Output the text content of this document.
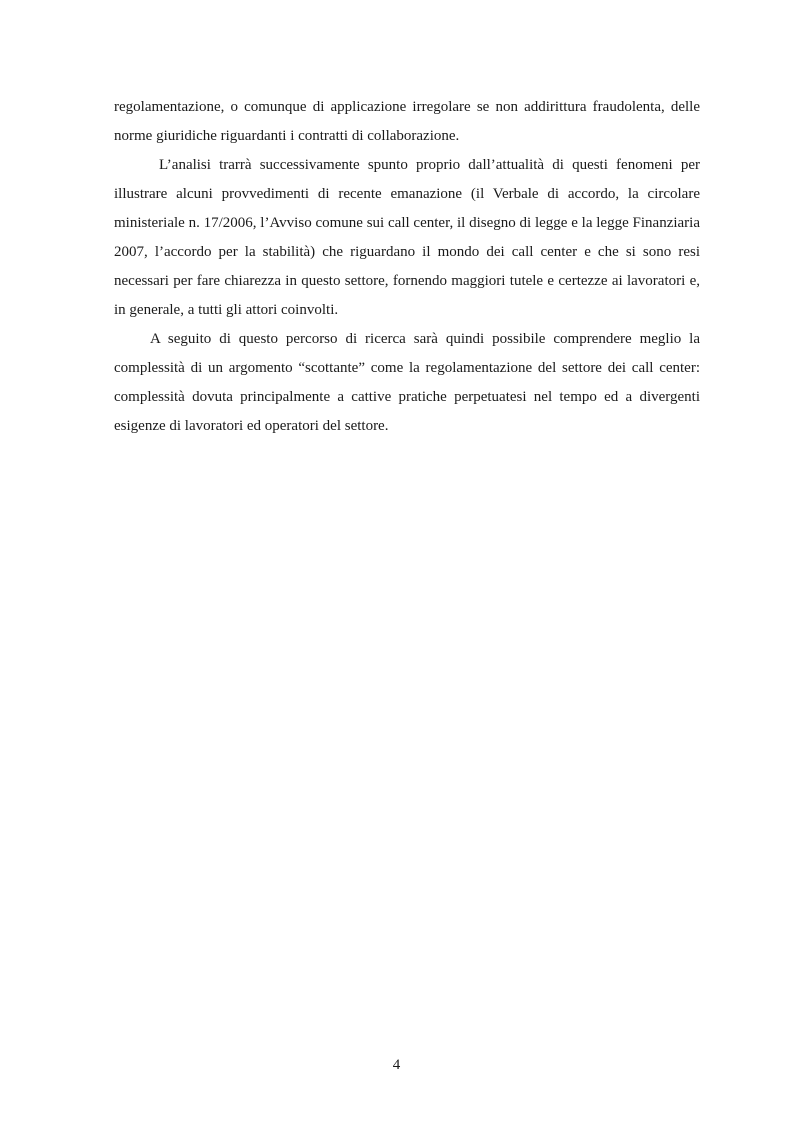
regolamentazione, o comunque di applicazione irregolare se non addirittura fraudolenta, delle norme giuridiche riguardanti i contratti di collaborazione.

L’analisi trarrà successivamente spunto proprio dall’attualità di questi fenomeni per illustrare alcuni provvedimenti di recente emanazione (il Verbale di accordo, la circolare ministeriale n. 17/2006, l’Avviso comune sui call center, il disegno di legge e la legge Finanziaria 2007, l’accordo per la stabilità) che riguardano il mondo dei call center e che si sono resi necessari per fare chiarezza in questo settore, fornendo maggiori tutele e certezze ai lavoratori e, in generale, a tutti gli attori coinvolti.

A seguito di questo percorso di ricerca sarà quindi possibile comprendere meglio la complessità di un argomento “scottante” come la regolamentazione del settore dei call center: complessità dovuta principalmente a cattive pratiche perpetuatesi nel tempo ed a divergenti esigenze di lavoratori ed operatori del settore.

4
